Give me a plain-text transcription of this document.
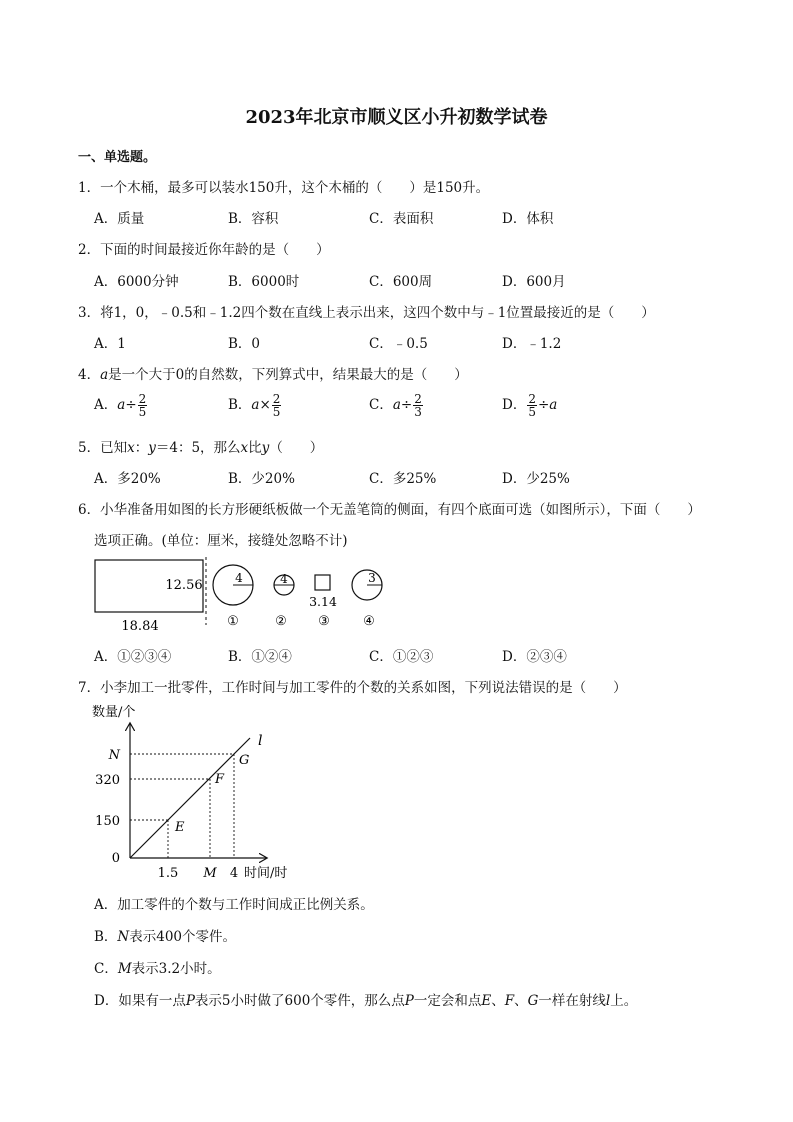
2023年北京市顺义区小升初数学试卷
一、单选题。
1．一个木桶，最多可以装水150升，这个木桶的（　　）是150升。
A．质量	B．容积	C．表面积	D．体积
2．下面的时间最接近你年龄的是（　　）
A．6000分钟	B．6000时	C．600周	D．600月
3．将1，0，﹣0.5和﹣1.2四个数在直线上表示出来，这四个数中与﹣1位置最接近的是（　　）
A．1	B．0	C．﹣0.5	D．﹣1.2
4．a是一个大于0的自然数，下列算式中，结果最大的是（　　）
A．$a\div \frac{2}{5}$	B．$a\times \frac{2}{5}$	C．$a\div \frac{2}{3}$	D． $\frac{2}{5} \div a$
5．已知x：y＝4：5，那么x比y（　　）
A．多20%	B．少20%	C．多25%	D．少25%
6．小华准备用如图的长方形硬纸板做一个无盖笔筒的侧面，有四个底面可选（如图所示），下面（　　）
选项正确。(单位：厘米，接缝处忽略不计)
12.56
18.84
4	4
3.14
3
①	② ③	④
A．①②③④	B．①②④	C．①②③	D．②③④
7．小李加工一批零件，工作时间与加工零件的个数的关系如图，下列说法错误的是（　　）
数量/个
l
N
320
150
0
1.5 M 4 时间/时
E
F
G
A．加工零件的个数与工作时间成正比例关系。
B．N表示400个零件。
C．M表示3.2小时。
D．如果有一点P表示5小时做了600个零件，那么点P一定会和点E、F、G一样在射线l上。
